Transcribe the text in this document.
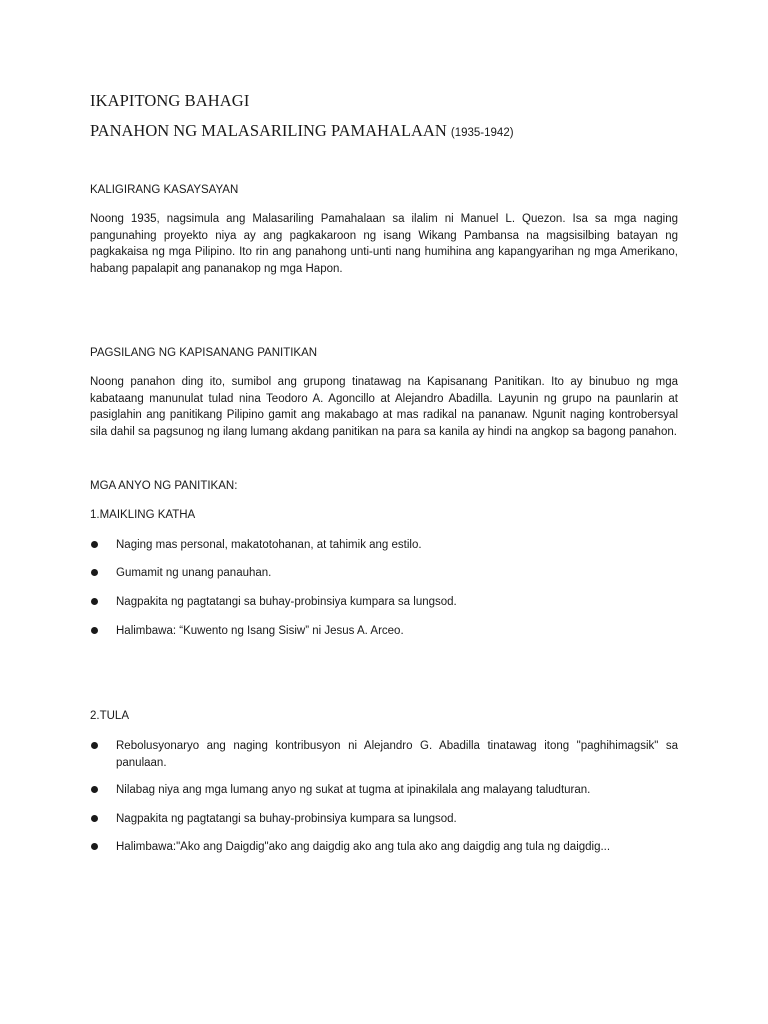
IKAPITONG BAHAGI
PANAHON NG MALASARILING PAMAHALAAN (1935-1942)
KALIGIRANG KASAYSAYAN
Noong 1935, nagsimula ang Malasariling Pamahalaan sa ilalim ni Manuel L. Quezon. Isa sa mga naging pangunahing proyekto niya ay ang pagkakaroon ng isang Wikang Pambansa na magsisilbing batayan ng pagkakaisa ng mga Pilipino. Ito rin ang panahong unti-unti nang humihina ang kapangyarihan ng mga Amerikano, habang papalapit ang pananakop ng mga Hapon.
PAGSILANG NG KAPISANANG PANITIKAN
Noong panahon ding ito, sumibol ang grupong tinatawag na Kapisanang Panitikan. Ito ay binubuo ng mga kabataang manunulat tulad nina Teodoro A. Agoncillo at Alejandro Abadilla. Layunin ng grupo na paunlarin at pasiglahin ang panitikang Pilipino gamit ang makabago at mas radikal na pananaw. Ngunit naging kontrobersyal sila dahil sa pagsunog ng ilang lumang akdang panitikan na para sa kanila ay hindi na angkop sa bagong panahon.
MGA ANYO NG PANITIKAN:
1.MAIKLING KATHA
Naging mas personal, makatotohanan, at tahimik ang estilo.
Gumamit ng unang panauhan.
Nagpakita ng pagtatangi sa buhay-probinsiya kumpara sa lungsod.
Halimbawa: “Kuwento ng Isang Sisiw” ni Jesus A. Arceo.
2.TULA
Rebolusyonaryo ang naging kontribusyon ni Alejandro G. Abadilla tinatawag itong "paghihimagsik" sa panulaan.
Nilabag niya ang mga lumang anyo ng sukat at tugma at ipinakilala ang malayang taludturan.
Nagpakita ng pagtatangi sa buhay-probinsiya kumpara sa lungsod.
Halimbawa:"Ako ang Daigdig"ako ang daigdig ako ang tula ako ang daigdig ang tula ng daigdig...
